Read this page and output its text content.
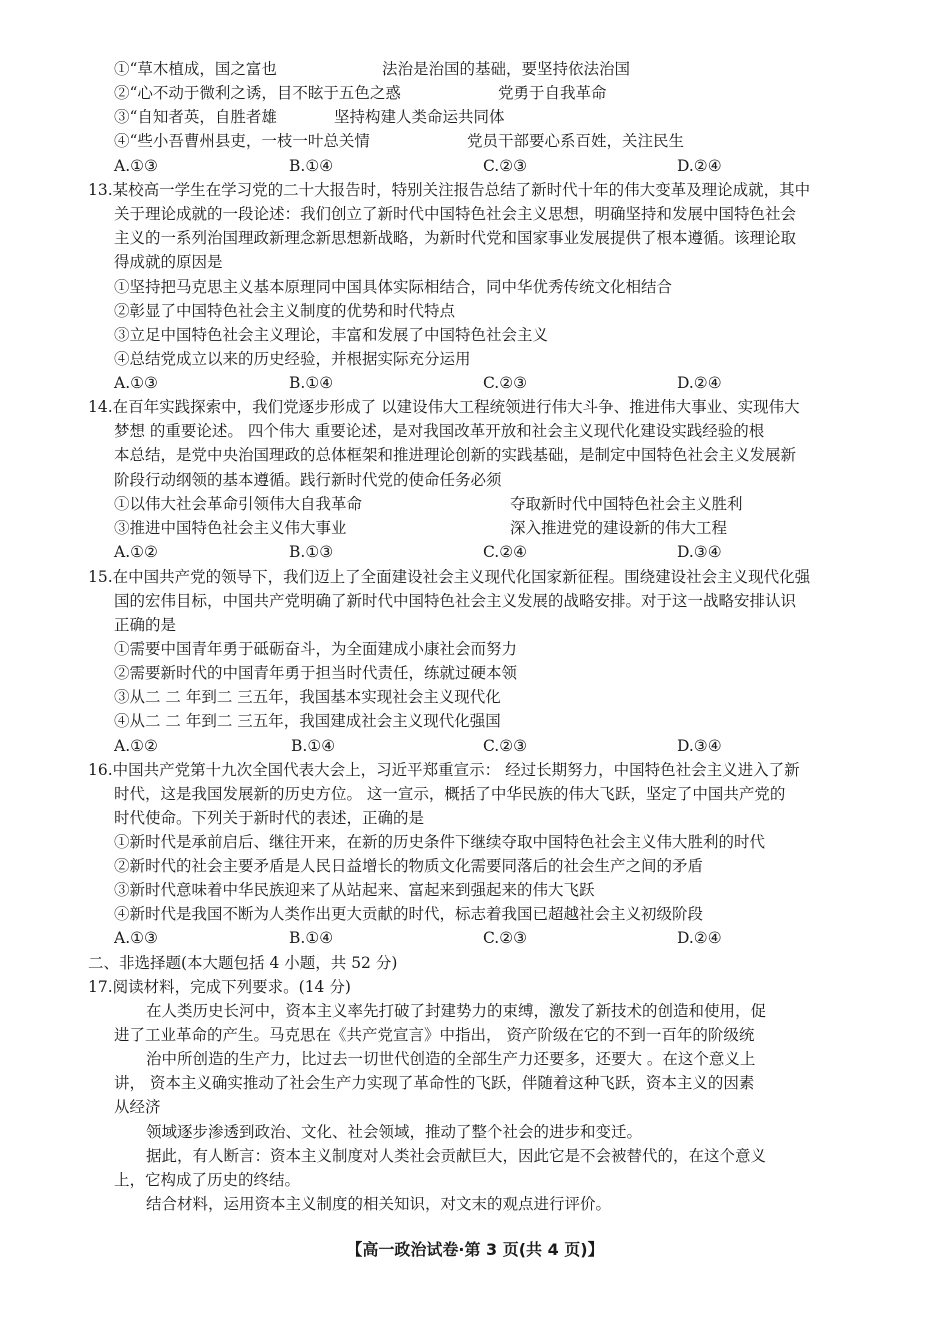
①“草木植成，国之富也	法治是治国的基础，要坚持依法治国
②“心不动于微利之诱，目不眩于五色之惑	党勇于自我革命
③“自知者英，自胜者雄	坚持构建人类命运共同体
④“些小吾曹州县吏，一枝一叶总关情	党员干部要心系百姓，关注民生
A.①③	B.①④	C.②③	D.②④
13.某校高一学生在学习党的二十大报告时，特别关注报告总结了新时代十年的伟大变革及理论成就，其中
关于理论成就的一段论述：我们创立了新时代中国特色社会主义思想，明确坚持和发展中国特色社会
主义的一系列治国理政新理念新思想新战略，为新时代党和国家事业发展提供了根本遵循。该理论取
得成就的原因是
①坚持把马克思主义基本原理同中国具体实际相结合，同中华优秀传统文化相结合
②彰显了中国特色社会主义制度的优势和时代特点
③立足中国特色社会主义理论，丰富和发展了中国特色社会主义
④总结党成立以来的历史经验，并根据实际充分运用
A.①③	B.①④	C.②③	D.②④
14.在百年实践探索中，我们党逐步形成了 以建设伟大工程统领进行伟大斗争、推进伟大事业、实现伟大
梦想 的重要论述。 四个伟大 重要论述，是对我国改革开放和社会主义现代化建设实践经验的根
本总结，是党中央治国理政的总体框架和推进理论创新的实践基础，是制定中国特色社会主义发展新
阶段行动纲领的基本遵循。践行新时代党的使命任务必须
①以伟大社会革命引领伟大自我革命	夺取新时代中国特色社会主义胜利
③推进中国特色社会主义伟大事业	深入推进党的建设新的伟大工程
A.①②	B.①③	C.②④	D.③④
15.在中国共产党的领导下，我们迈上了全面建设社会主义现代化国家新征程。围绕建设社会主义现代化强
国的宏伟目标，中国共产党明确了新时代中国特色社会主义发展的战略安排。对于这一战略安排认识
正确的是
①需要中国青年勇于砥砺奋斗，为全面建成小康社会而努力
②需要新时代的中国青年勇于担当时代责任，练就过硬本领
③从二 二 年到二 三五年，我国基本实现社会主义现代化
④从二 二 年到二 三五年，我国建成社会主义现代化强国
A.①②	B.①④	C.②③	D.③④
16.中国共产党第十九次全国代表大会上，习近平郑重宣示： 经过长期努力，中国特色社会主义进入了新
时代，这是我国发展新的历史方位。 这一宣示，概括了中华民族的伟大飞跃，坚定了中国共产党的
时代使命。下列关于新时代的表述，正确的是
①新时代是承前启后、继往开来，在新的历史条件下继续夺取中国特色社会主义伟大胜利的时代
②新时代的社会主要矛盾是人民日益增长的物质文化需要同落后的社会生产之间的矛盾
③新时代意味着中华民族迎来了从站起来、富起来到强起来的伟大飞跃
④新时代是我国不断为人类作出更大贡献的时代，标志着我国已超越社会主义初级阶段
A.①③	B.①④	C.②③	D.②④
二、非选择题(本大题包括 4 小题，共 52 分)
17.阅读材料，完成下列要求。(14 分)
在人类历史长河中，资本主义率先打破了封建势力的束缚，激发了新技术的创造和使用，促
进了工业革命的产生。马克思在《共产党宣言》中指出， 资产阶级在它的不到一百年的阶级统
治中所创造的生产力，比过去一切世代创造的全部生产力还要多，还要大 。在这个意义上
讲， 资本主义确实推动了社会生产力实现了革命性的飞跃，伴随着这种飞跃，资本主义的因素
从经济
领域逐步渗透到政治、文化、社会领域，推动了整个社会的进步和变迁。
据此，有人断言：资本主义制度对人类社会贡献巨大，因此它是不会被替代的，在这个意义
上，它构成了历史的终结。
结合材料，运用资本主义制度的相关知识，对文末的观点进行评价。
【高一政治试卷·第 3 页(共 4 页)】
